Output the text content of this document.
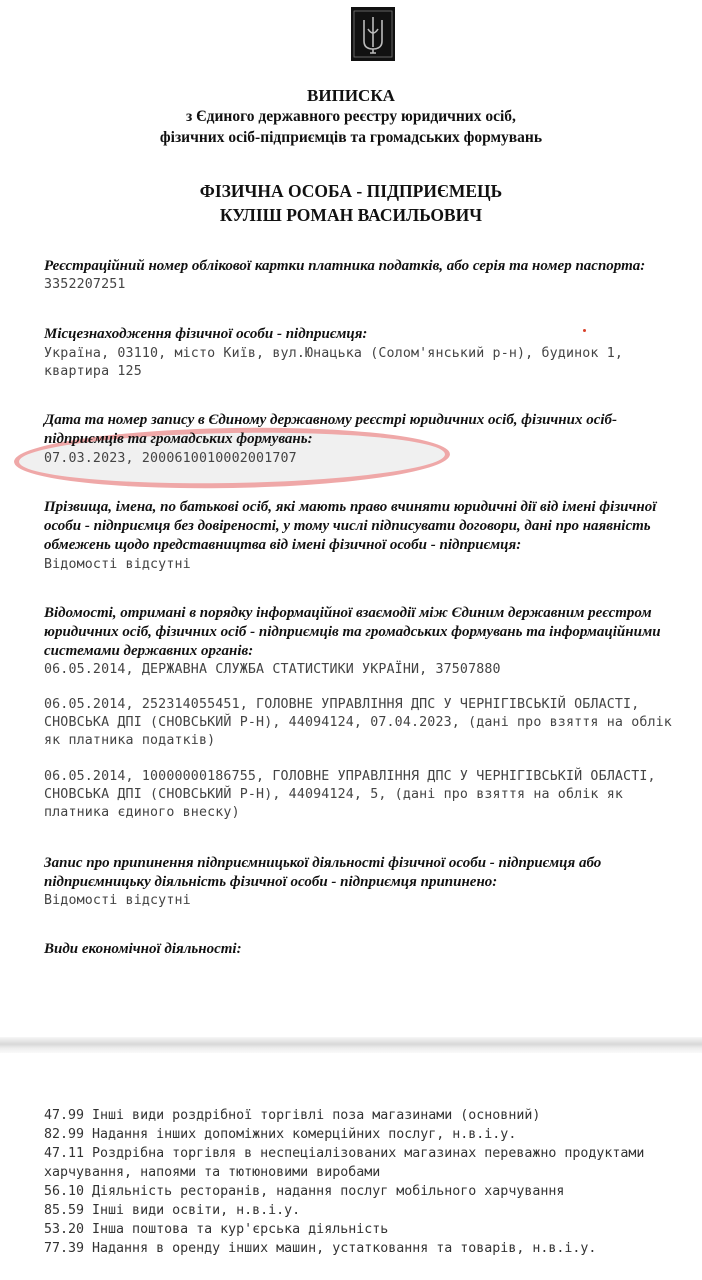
ВИПИСКА
з Єдиного державного реєстру юридичних осіб,
фізичних осіб-підприємців та громадських формувань
ФІЗИЧНА ОСОБА - ПІДПРИЄМЕЦЬ
КУЛІШ РОМАН ВАСИЛЬОВИЧ
Реєстраційний номер облікової картки платника податків, або серія та номер паспорта:
3352207251
Місцезнаходження фізичної особи - підприємця:
Україна, 03110, місто Київ, вул.Юнацька (Солом'янський р-н), будинок 1, квартира 125
Дата та номер запису в Єдиному державному реєстрі юридичних осіб, фізичних осіб-
підприємців та громадських формувань:
07.03.2023, 2000610010002001707
Прізвища, імена, по батькові осіб, які мають право вчиняти юридичні дії від імені фізичної особи - підприємця без довіреності, у тому числі підписувати договори, дані про наявність обмежень щодо представництва від імені фізичної особи - підприємця:
Відомості відсутні
Відомості, отримані в порядку інформаційної взаємодії між Єдиним державним реєстром юридичних осіб, фізичних осіб - підприємців та громадських формувань та інформаційними системами державних органів:
06.05.2014, ДЕРЖАВНА СЛУЖБА СТАТИСТИКИ УКРАЇНИ, 37507880
06.05.2014, 252314055451, ГОЛОВНЕ УПРАВЛІННЯ ДПС У ЧЕРНІГІВСЬКІЙ ОБЛАСТІ, СНОВСЬКА ДПІ (СНОВСЬКИЙ Р-Н), 44094124, 07.04.2023, (дані про взяття на облік як платника податків)
06.05.2014, 10000000186755, ГОЛОВНЕ УПРАВЛІННЯ ДПС У ЧЕРНІГІВСЬКІЙ ОБЛАСТІ, СНОВСЬКА ДПІ (СНОВСЬКИЙ Р-Н), 44094124, 5, (дані про взяття на облік як платника єдиного внеску)
Запис про припинення підприємницької діяльності фізичної особи - підприємця або підприємницьку діяльність фізичної особи - підприємця припинено:
Відомості відсутні
Види економічної діяльності:
47.99 Інші види роздрібної торгівлі поза магазинами (основний)
82.99 Надання інших допоміжних комерційних послуг, н.в.і.у.
47.11 Роздрібна торгівля в неспеціалізованих магазинах переважно продуктами харчування, напоями та тютюновими виробами
56.10 Діяльність ресторанів, надання послуг мобільного харчування
85.59 Інші види освіти, н.в.і.у.
53.20 Інша поштова та кур'єрська діяльність
77.39 Надання в оренду інших машин, устатковання та товарів, н.в.і.у.
